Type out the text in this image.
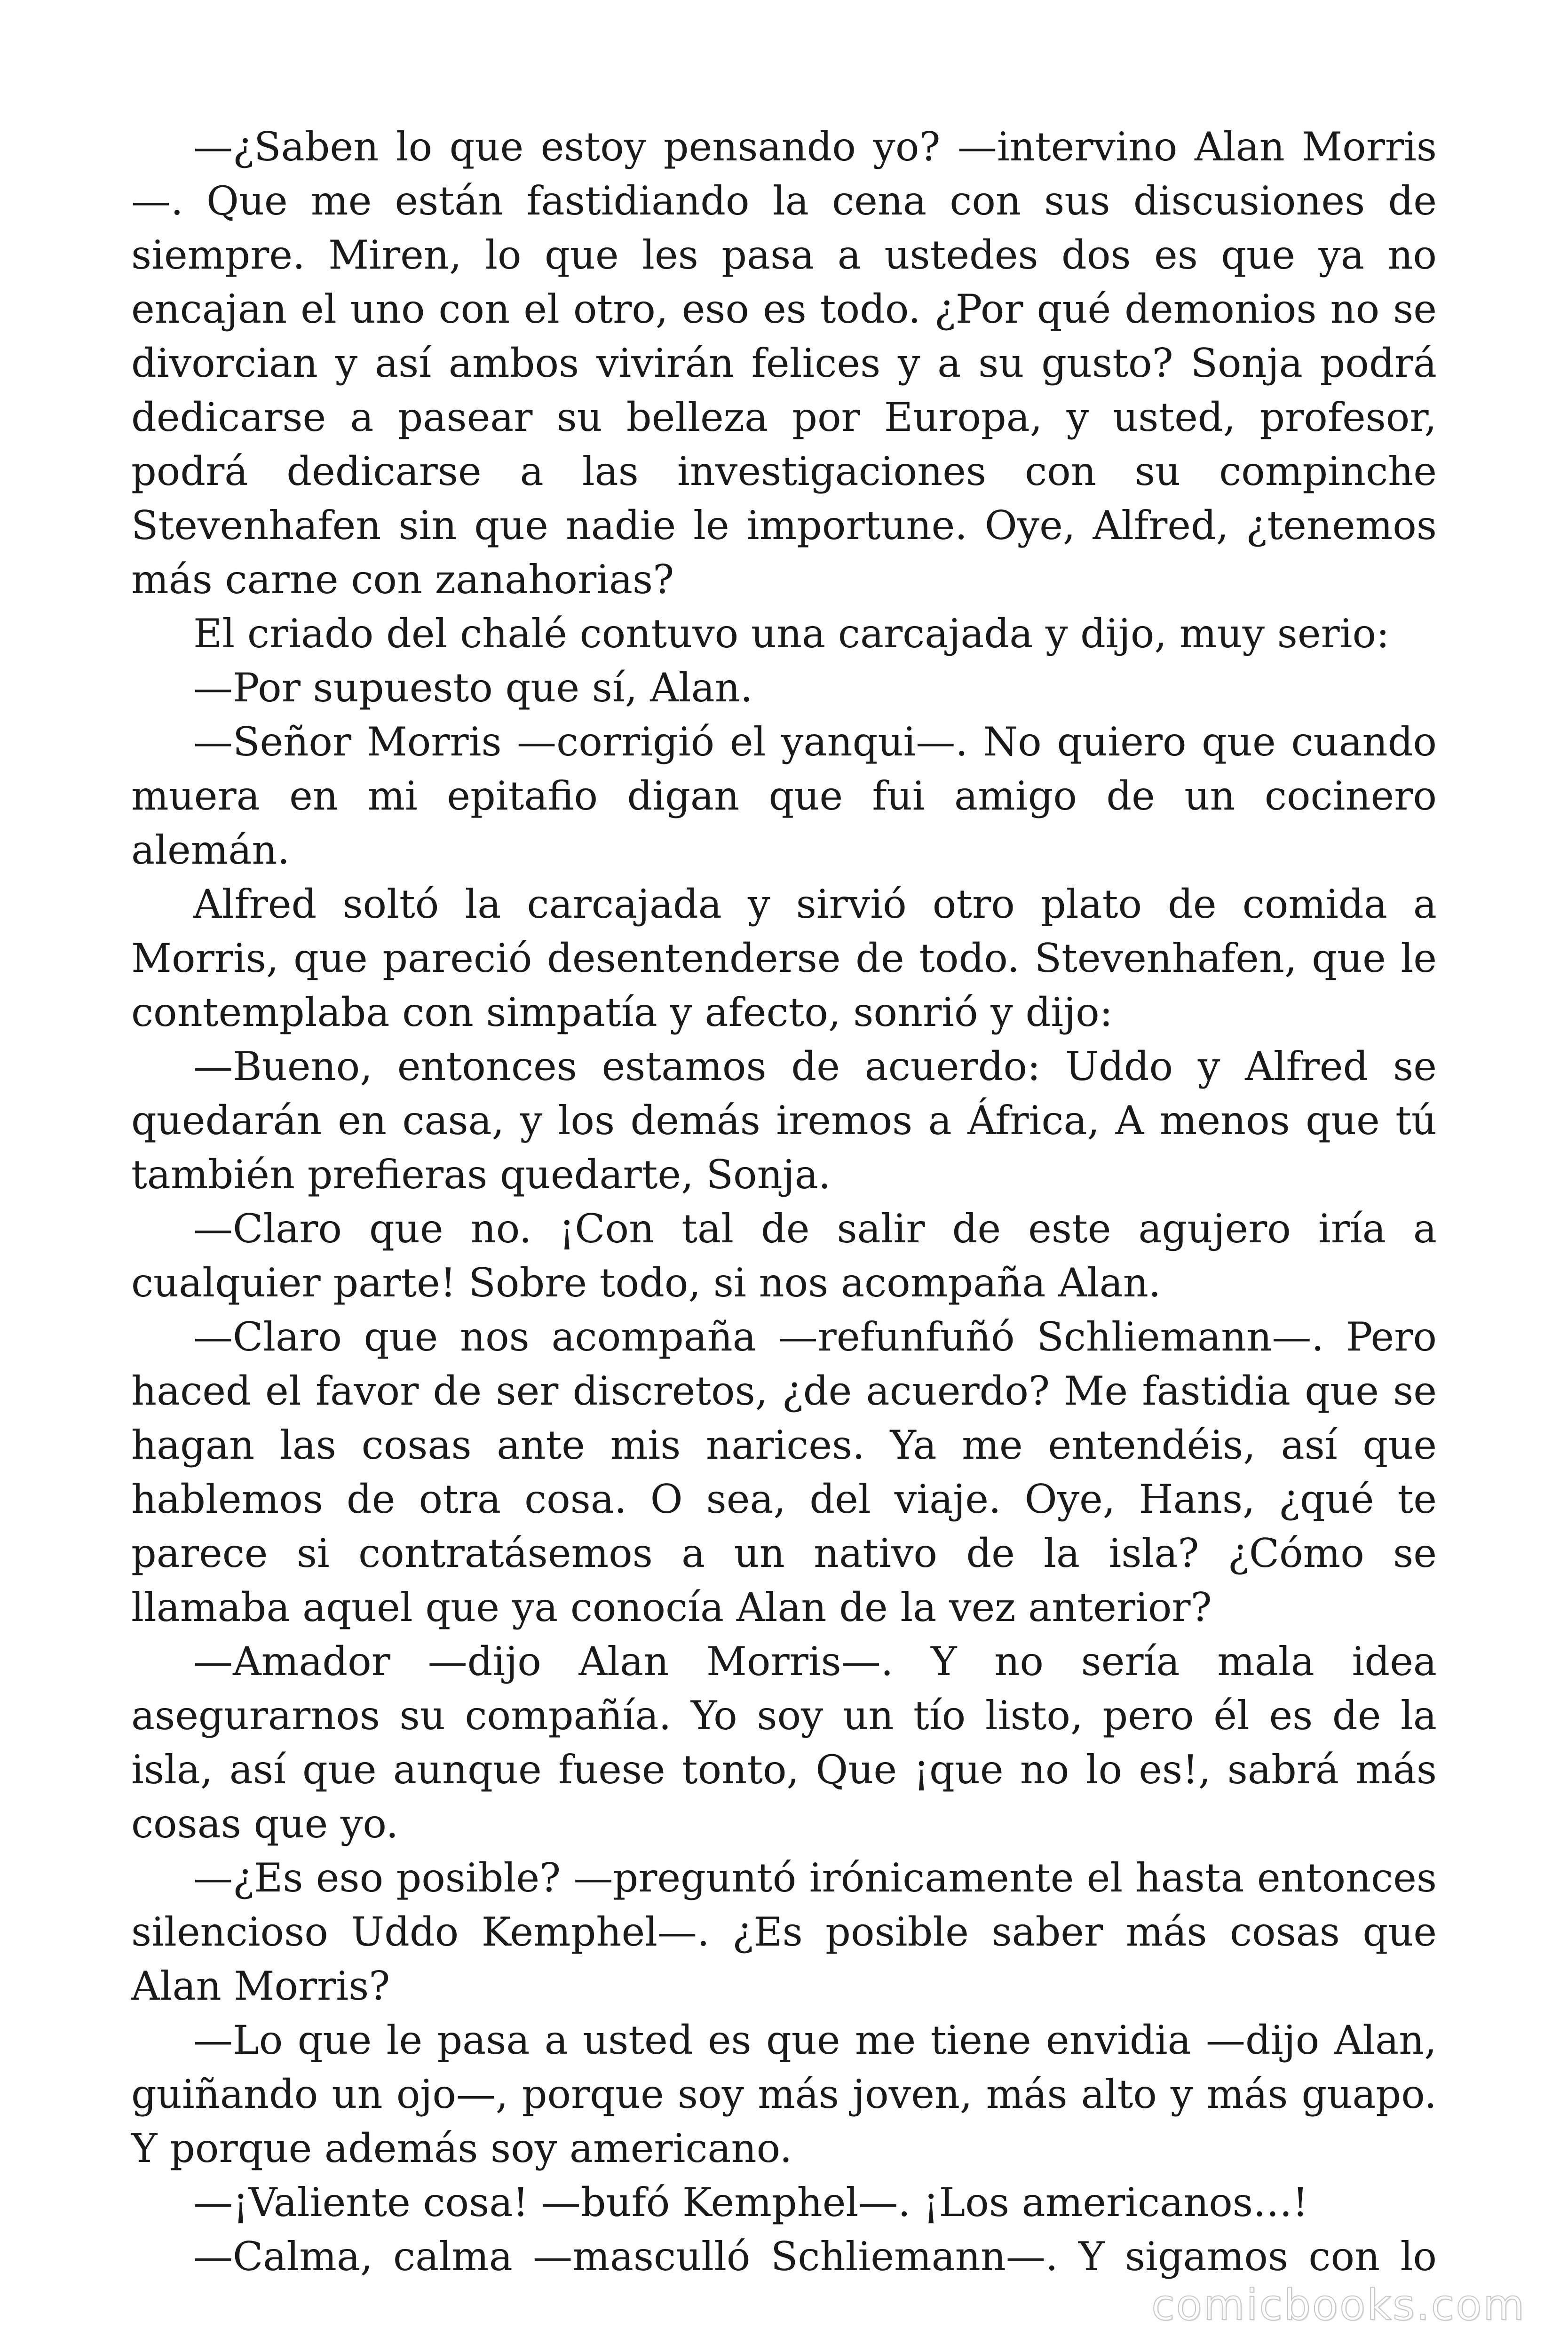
—¿Saben lo que estoy pensando yo? —intervino Alan Morris—. Que me están fastidiando la cena con sus discusiones de siempre. Miren, lo que les pasa a ustedes dos es que ya no encajan el uno con el otro, eso es todo. ¿Por qué demonios no se divorcian y así ambos vivirán felices y a su gusto? Sonja podrá dedicarse a pasear su belleza por Europa, y usted, profesor, podrá dedicarse a las investigaciones con su compinche Stevenhafen sin que nadie le importune. Oye, Alfred, ¿tenemos más carne con zanahorias?

El criado del chalé contuvo una carcajada y dijo, muy serio:

—Por supuesto que sí, Alan.

—Señor Morris —corrigió el yanqui—. No quiero que cuando muera en mi epitafio digan que fui amigo de un cocinero alemán.

Alfred soltó la carcajada y sirvió otro plato de comida a Morris, que pareció desentenderse de todo. Stevenhafen, que le contemplaba con simpatía y afecto, sonrió y dijo:

—Bueno, entonces estamos de acuerdo: Uddo y Alfred se quedarán en casa, y los demás iremos a África, A menos que tú también prefieras quedarte, Sonja.

—Claro que no. ¡Con tal de salir de este agujero iría a cualquier parte! Sobre todo, si nos acompaña Alan.

—Claro que nos acompaña —refunfuñó Schliemann—. Pero haced el favor de ser discretos, ¿de acuerdo? Me fastidia que se hagan las cosas ante mis narices. Ya me entendéis, así que hablemos de otra cosa. O sea, del viaje. Oye, Hans, ¿qué te parece si contratásemos a un nativo de la isla? ¿Cómo se llamaba aquel que ya conocía Alan de la vez anterior?

—Amador —dijo Alan Morris—. Y no sería mala idea asegurarnos su compañía. Yo soy un tío listo, pero él es de la isla, así que aunque fuese tonto, Que ¡que no lo es!, sabrá más cosas que yo.

—¿Es eso posible? —preguntó irónicamente el hasta entonces silencioso Uddo Kemphel—. ¿Es posible saber más cosas que Alan Morris?

—Lo que le pasa a usted es que me tiene envidia —dijo Alan, guiñando un ojo—, porque soy más joven, más alto y más guapo. Y porque además soy americano.

—¡Valiente cosa! —bufó Kemphel—. ¡Los americanos…!

—Calma, calma —masculló Schliemann—. Y sigamos con lo

comicbooks.com
